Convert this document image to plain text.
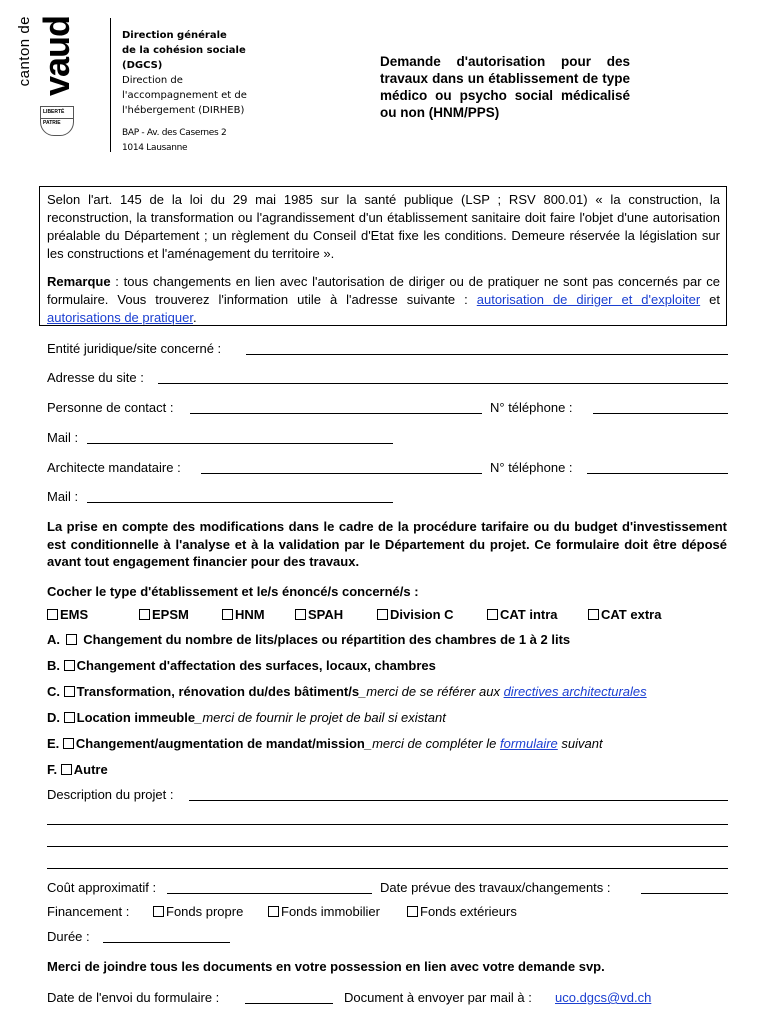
canton de vaud
LIBERTÉ
PATRIE
Direction générale
de la cohésion sociale
(DGCS)
Direction de
l'accompagnement et de
l'hébergement (DIRHEB)
BAP - Av. des Casernes 2
1014 Lausanne
Demande d'autorisation pour des travaux dans un établissement de type médico ou psycho social médicalisé ou non (HNM/PPS)

Selon l'art. 145 de la loi du 29 mai 1985 sur la santé publique (LSP ; RSV 800.01) « la construction, la reconstruction, la transformation ou l'agrandissement d'un établissement sanitaire doit faire l'objet d'une autorisation préalable du Département ; un règlement du Conseil d'Etat fixe les conditions. Demeure réservée la législation sur les constructions et l'aménagement du territoire ».

Remarque : tous changements en lien avec l'autorisation de diriger ou de pratiquer ne sont pas concernés par ce formulaire. Vous trouverez l'information utile à l'adresse suivante : autorisation de diriger et d'exploiter et autorisations de pratiquer.

Entité juridique/site concerné :
Adresse du site :
Personne de contact :	N° téléphone :
Mail :
Architecte mandataire :	N° téléphone :
Mail :
La prise en compte des modifications dans le cadre de la procédure tarifaire ou du budget d'investissement est conditionnelle à l'analyse et à la validation par le Département du projet. Ce formulaire doit être déposé avant tout engagement financier pour des travaux.
Cocher le type d'établissement et le/s énoncé/s concerné/s :
EMS	EPSM	HNM	SPAH	Division C	CAT intra	CAT extra
A. Changement du nombre de lits/places ou répartition des chambres de 1 à 2 lits
B. Changement d'affectation des surfaces, locaux, chambres
C. Transformation, rénovation du/des bâtiment/s_merci de se référer aux directives architecturales
D. Location immeuble_merci de fournir le projet de bail si existant
E. Changement/augmentation de mandat/mission_merci de compléter le formulaire suivant
F. Autre
Description du projet :
Coût approximatif :	Date prévue des travaux/changements :
Financement :	Fonds propre	Fonds immobilier	Fonds extérieurs
Durée :
Merci de joindre tous les documents en votre possession en lien avec votre demande svp.
Date de l'envoi du formulaire :	Document à envoyer par mail à : uco.dgcs@vd.ch
